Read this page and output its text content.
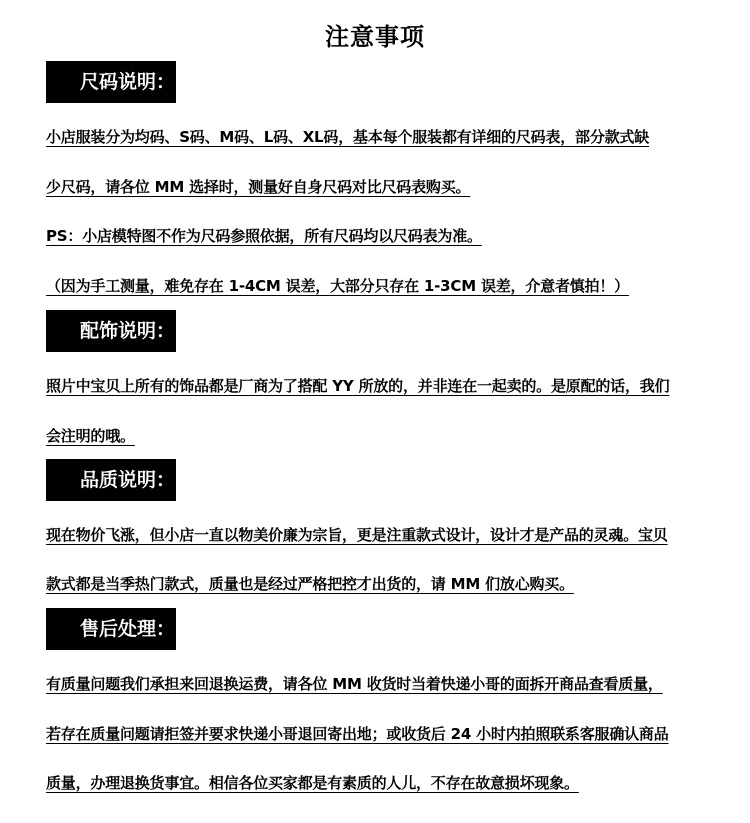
注意事项
尺码说明：
小店服装分为均码、S码、M码、L码、XL码，基本每个服装都有详细的尺码表，部分款式缺
少尺码，请各位 MM 选择时，测量好自身尺码对比尺码表购买。
PS：小店模特图不作为尺码参照依据，所有尺码均以尺码表为准。
（因为手工测量，难免存在 1-4CM 误差，大部分只存在 1-3CM 误差，介意者慎拍！）
配饰说明：
照片中宝贝上所有的饰品都是厂商为了搭配 YY 所放的，并非连在一起卖的。是原配的话，我们
会注明的哦。
品质说明：
现在物价飞涨，但小店一直以物美价廉为宗旨，更是注重款式设计，设计才是产品的灵魂。宝贝
款式都是当季热门款式，质量也是经过严格把控才出货的，请 MM 们放心购买。
售后处理：
有质量问题我们承担来回退换运费，请各位 MM 收货时当着快递小哥的面拆开商品查看质量，
若存在质量问题请拒签并要求快递小哥退回寄出地；或收货后 24 小时内拍照联系客服确认商品
质量，办理退换货事宜。相信各位买家都是有素质的人儿，不存在故意损坏现象。
